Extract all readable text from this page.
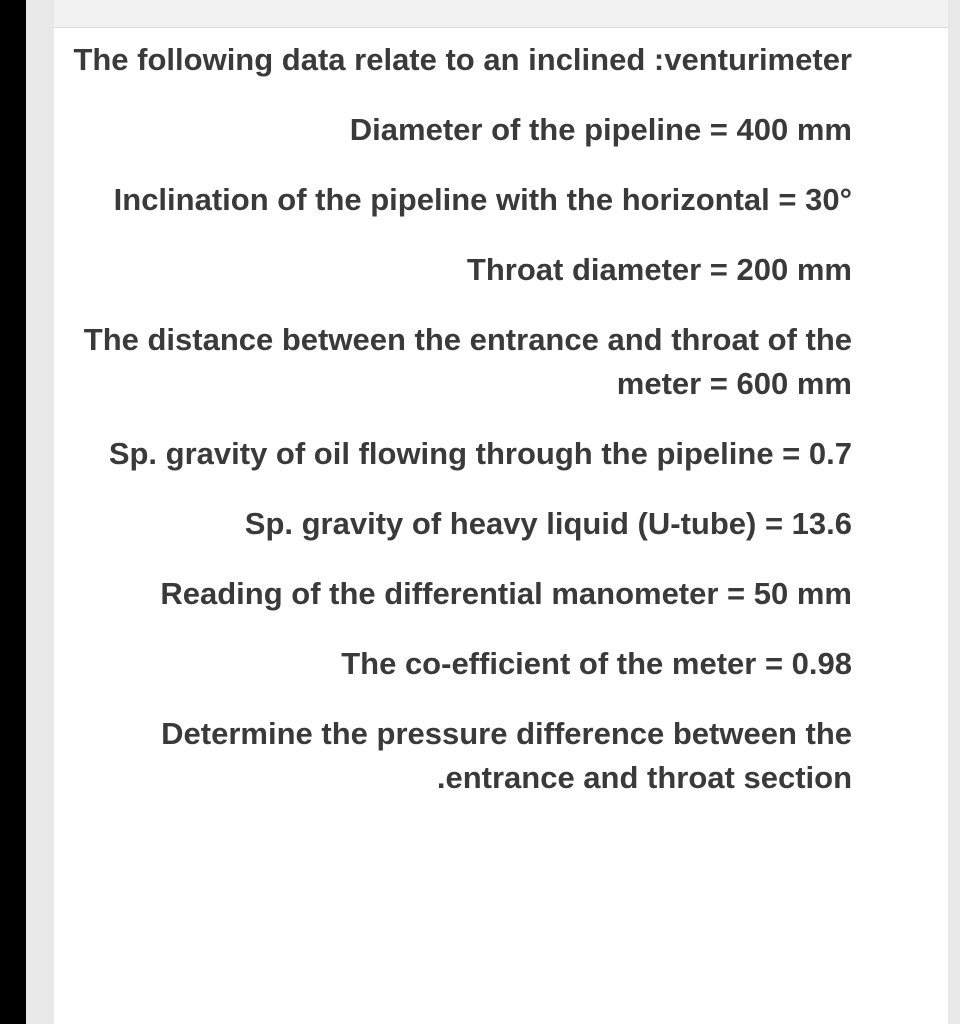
The following data relate to an inclined :venturimeter

Diameter of the pipeline = 400 mm

Inclination of the pipeline with the horizontal = 30°

Throat diameter = 200 mm

The distance between the entrance and throat of the meter = 600 mm

Sp. gravity of oil flowing through the pipeline = 0.7

Sp. gravity of heavy liquid (U-tube) = 13.6

Reading of the differential manometer = 50 mm

The co-efficient of the meter = 0.98

Determine the pressure difference between the .entrance and throat section
